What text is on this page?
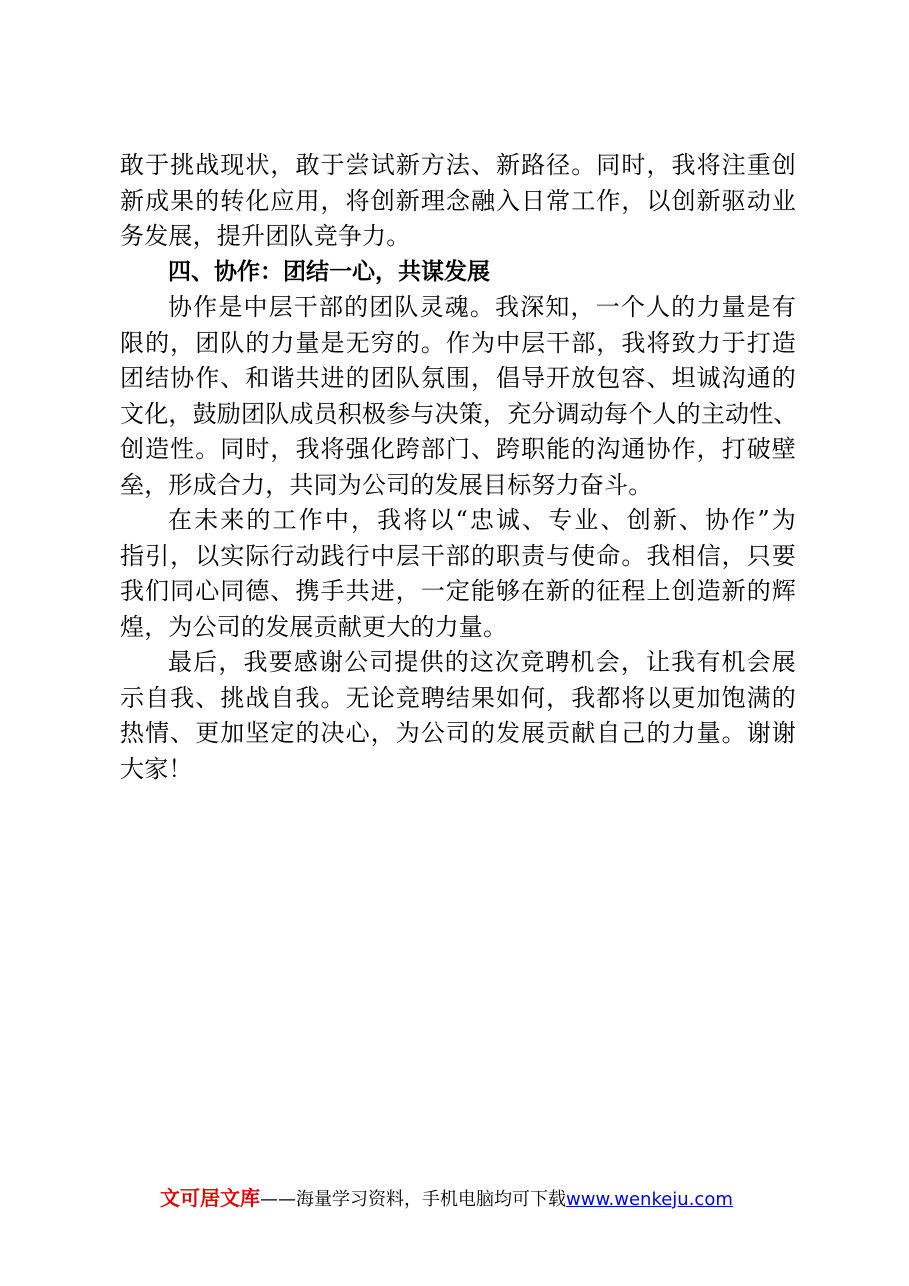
敢于挑战现状，敢于尝试新方法、新路径。同时，我将注重创
新成果的转化应用，将创新理念融入日常工作，以创新驱动业
务发展，提升团队竞争力。
四、协作：团结一心，共谋发展
协作是中层干部的团队灵魂。我深知，一个人的力量是有
限的，团队的力量是无穷的。作为中层干部，我将致力于打造
团结协作、和谐共进的团队氛围，倡导开放包容、坦诚沟通的
文化，鼓励团队成员积极参与决策，充分调动每个人的主动性、
创造性。同时，我将强化跨部门、跨职能的沟通协作，打破壁
垒，形成合力，共同为公司的发展目标努力奋斗。
在未来的工作中，我将以“忠诚、专业、创新、协作”为
指引，以实际行动践行中层干部的职责与使命。我相信，只要
我们同心同德、携手共进，一定能够在新的征程上创造新的辉
煌，为公司的发展贡献更大的力量。
最后，我要感谢公司提供的这次竞聘机会，让我有机会展
示自我、挑战自我。无论竞聘结果如何，我都将以更加饱满的
热情、更加坚定的决心，为公司的发展贡献自己的力量。谢谢
大家！
文可居文库——海量学习资料，手机电脑均可下载www.wenkeju.com
